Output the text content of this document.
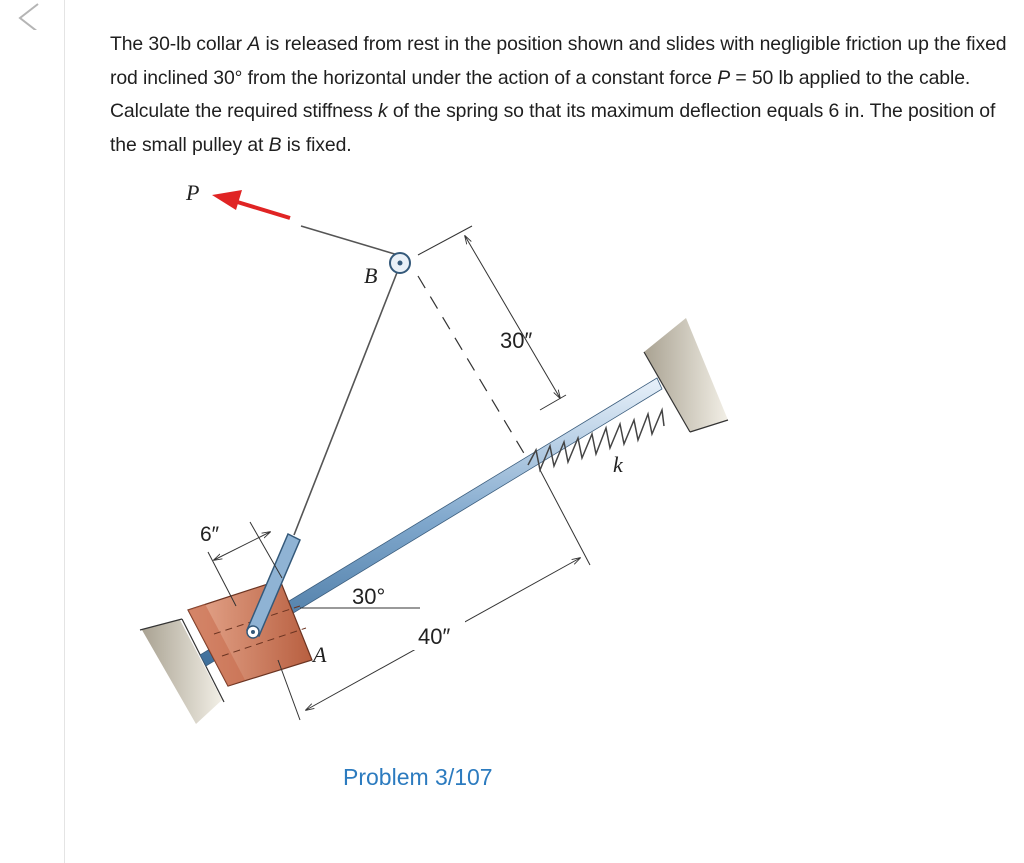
The 30-lb collar A is released from rest in the position shown and slides with negligible friction up the fixed rod inclined 30° from the horizontal under the action of a constant force P = 50 lb applied to the cable. Calculate the required stiffness k of the spring so that its maximum deflection equals 6 in. The position of the small pulley at B is fixed.

P
B
A
k
30″
6″
40″
30°

Problem 3/107
